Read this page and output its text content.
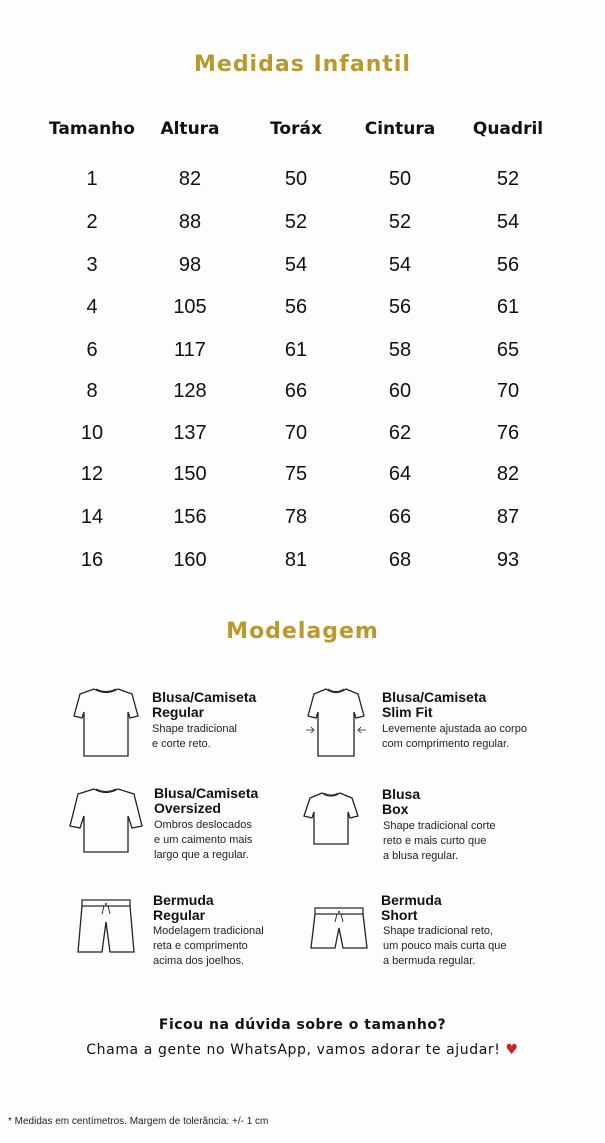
Medidas Infantil
Tamanho	Altura	Toráx	Cintura	Quadril
1	82	50	50	52
2	88	52	52	54
3	98	54	54	56
4	105	56	56	61
6	117	61	58	65
8	128	66	60	70
10	137	70	62	76
12	150	75	64	82
14	156	78	66	87
16	160	81	68	93
Modelagem
Blusa/Camiseta
Regular
Shape tradicional
e corte reto.
Blusa/Camiseta
Slim Fit
Levemente ajustada ao corpo
com comprimento regular.
Blusa/Camiseta
Oversized
Ombros deslocados
e um caimento mais
largo que a regular.
Blusa
Box
Shape tradicional corte
reto e mais curto que
a blusa regular.
Bermuda
Regular
Modelagem tradicional
reta e comprimento
acima dos joelhos.
Bermuda
Short
Shape tradicional reto,
um pouco mais curta que
a bermuda regular.
Ficou na dúvida sobre o tamanho?
Chama a gente no WhatsApp, vamos adorar te ajudar! ♥
* Medidas em centímetros. Margem de tolerância: +/- 1 cm
